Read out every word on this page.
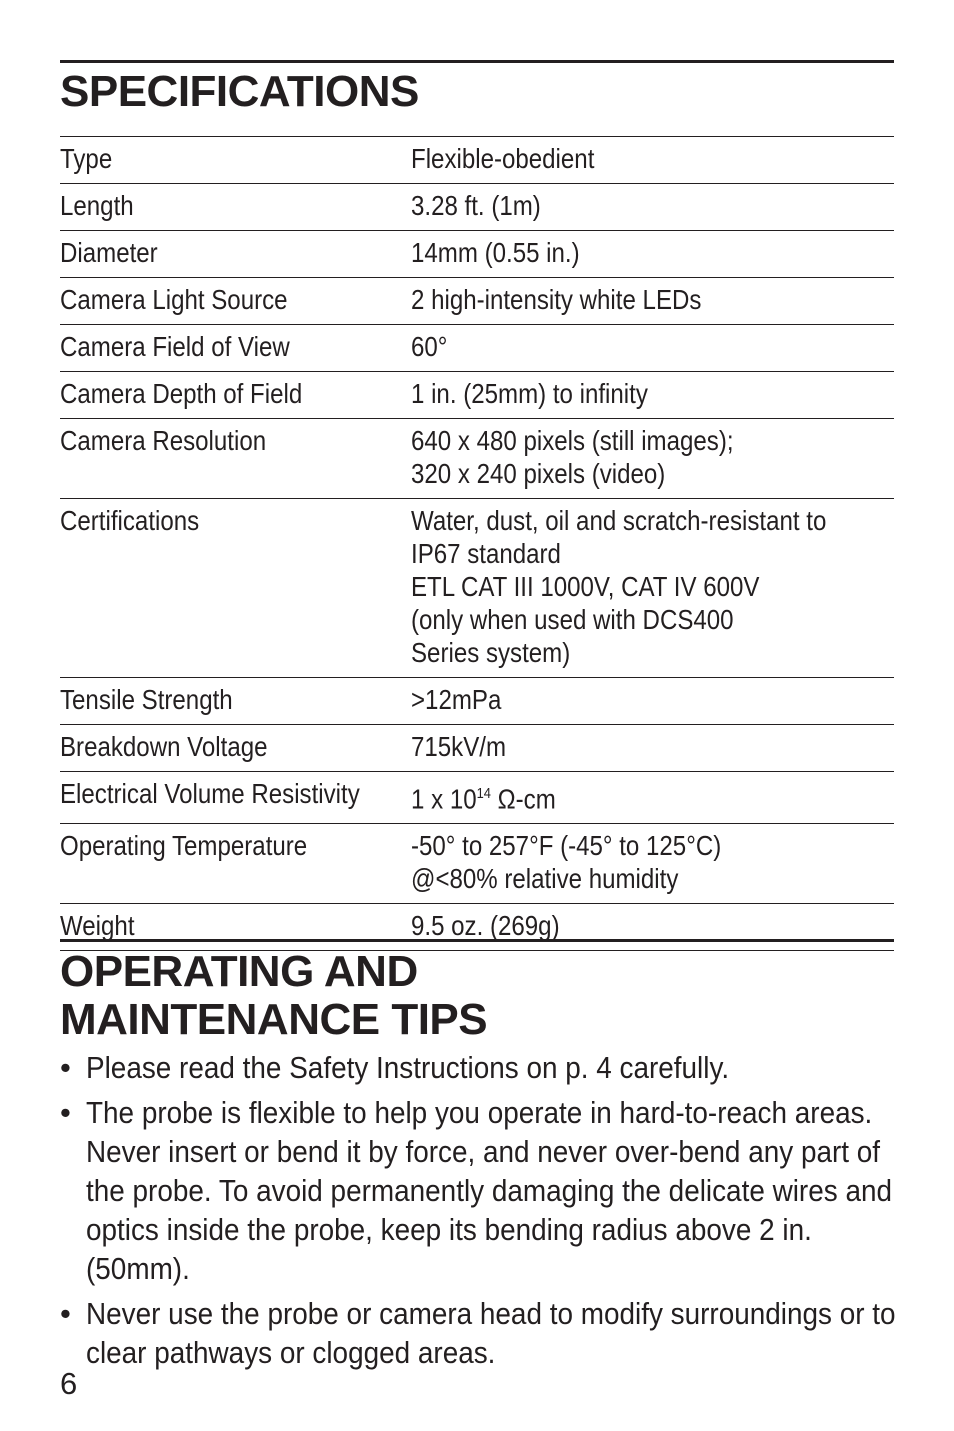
SPECIFICATIONS
Type	Flexible-obedient
Length	3.28 ft. (1m)
Diameter	14mm (0.55 in.)
Camera Light Source	2 high-intensity white LEDs
Camera Field of View	60°
Camera Depth of Field	1 in. (25mm) to infinity
Camera Resolution	640 x 480 pixels (still images);
320 x 240 pixels (video)
Certifications	Water, dust, oil and scratch-resistant to
IP67 standard
ETL CAT III 1000V, CAT IV 600V
(only when used with DCS400
Series system)
Tensile Strength	>12mPa
Breakdown Voltage	715kV/m
Electrical Volume Resistivity	1 x $10^{14}$ Ω-cm
Operating Temperature	-50° to 257°F (-45° to 125°C)
@<80% relative humidity
Weight	9.5 oz. (269g)
OPERATING AND
MAINTENANCE TIPS
• Please read the Safety Instructions on p. 4 carefully.
• The probe is flexible to help you operate in hard-to-reach areas. Never insert or bend it by force, and never over-bend any part of the probe. To avoid permanently damaging the delicate wires and optics inside the probe, keep its bending radius above 2 in. (50mm).
• Never use the probe or camera head to modify surroundings or to clear pathways or clogged areas.
6
